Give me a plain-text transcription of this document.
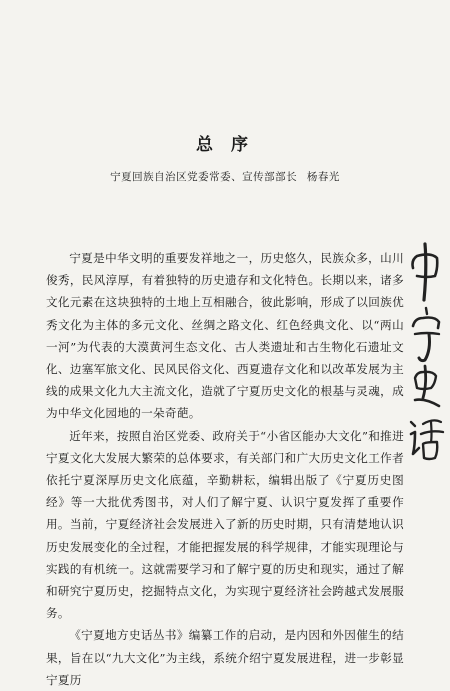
总 序
宁夏回族自治区党委常委、宣传部部长 杨春光

宁夏是中华文明的重要发祥地之一，历史悠久，民族众多，山川俊秀，民风淳厚，有着独特的历史遗存和文化特色。长期以来，诸多文化元素在这块独特的土地上互相融合，彼此影响，形成了以回族优秀文化为主体的多元文化、丝绸之路文化、红色经典文化、以“两山一河”为代表的大漠黄河生态文化、古人类遗址和古生物化石遗址文化、边塞军旅文化、民风民俗文化、西夏遗存文化和以改革发展为主线的成果文化九大主流文化，造就了宁夏历史文化的根基与灵魂，成为中华文化园地的一朵奇葩。

近年来，按照自治区党委、政府关于“小省区能办大文化”和推进宁夏文化大发展大繁荣的总体要求，有关部门和广大历史文化工作者依托宁夏深厚历史文化底蕴，辛勤耕耘，编辑出版了《宁夏历史图经》等一大批优秀图书，对人们了解宁夏、认识宁夏发挥了重要作用。当前，宁夏经济社会发展进入了新的历史时期，只有清楚地认识历史发展变化的全过程，才能把握发展的科学规律，才能实现理论与实践的有机统一。这就需要学习和了解宁夏的历史和现实，通过了解和研究宁夏历史，挖掘特点文化，为实现宁夏经济社会跨越式发展服务。

《宁夏地方史话丛书》编纂工作的启动，是内因和外因催生的结果，旨在以“九大文化”为主线，系统介绍宁夏发展进程，进一步彰显宁夏历
